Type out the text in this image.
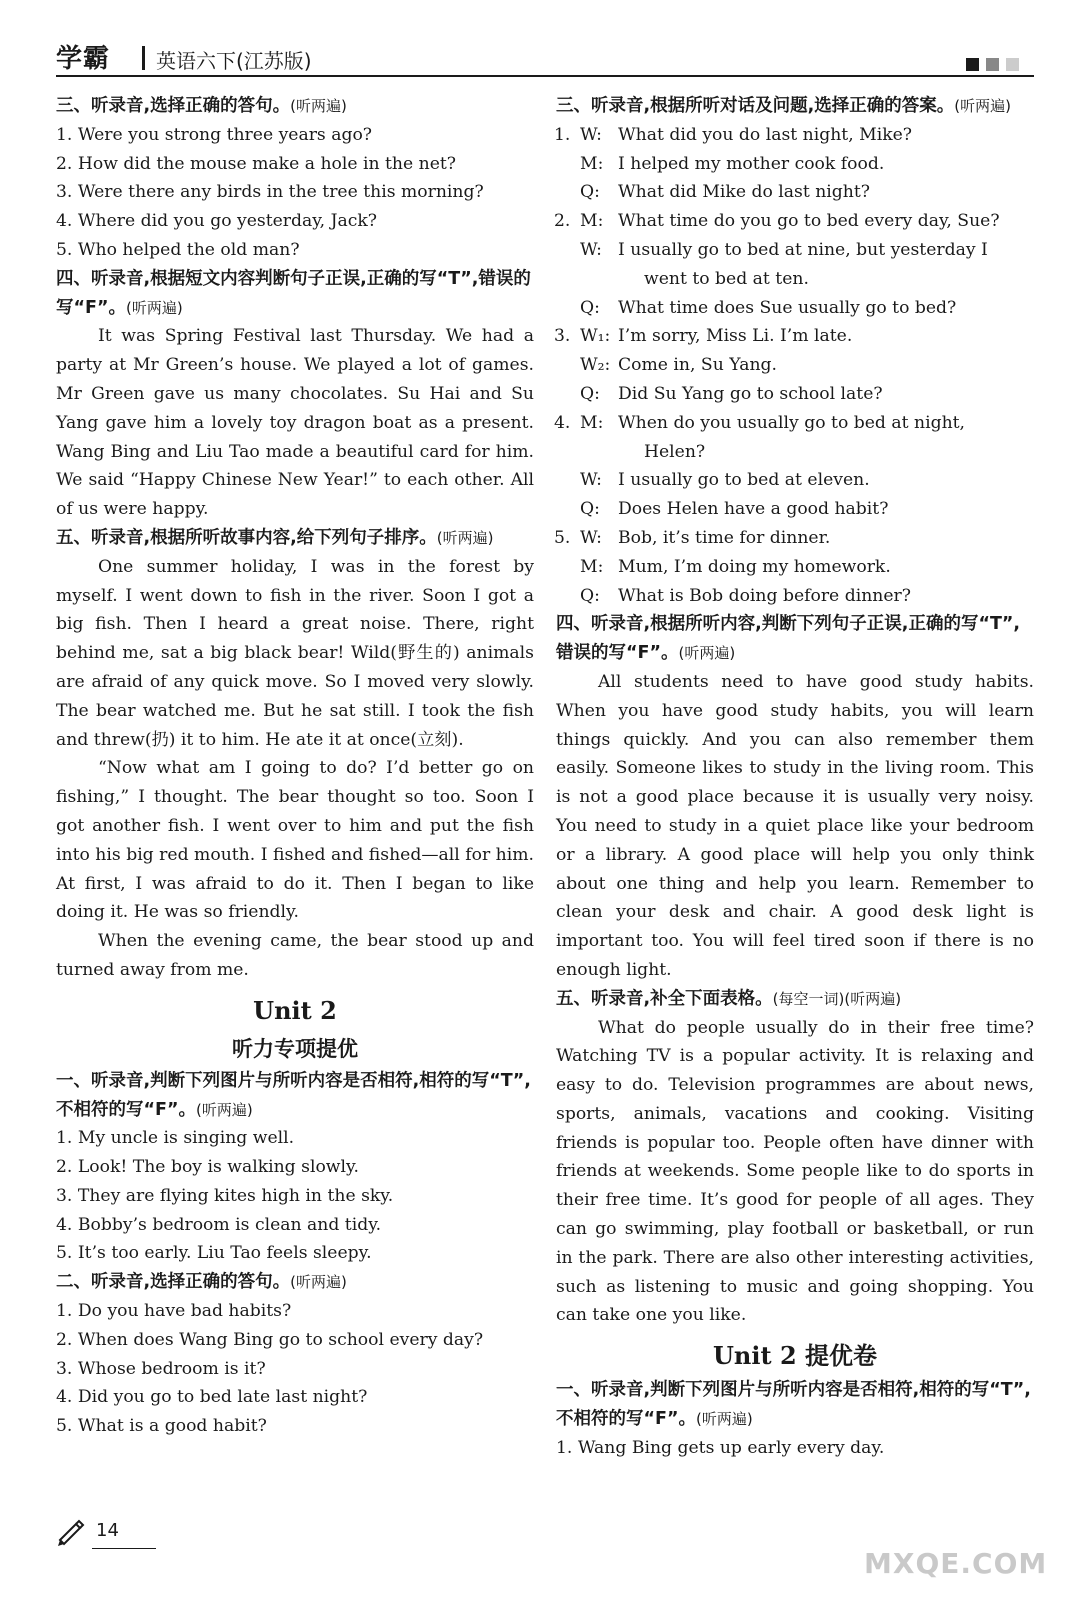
学霸 英语六下(江苏版)
三、听录音,选择正确的答句。(听两遍)
1. Were you strong three years ago?
2. How did the mouse make a hole in the net?
3. Were there any birds in the tree this morning?
4. Where did you go yesterday, Jack?
5. Who helped the old man?
四、听录音,根据短文内容判断句子正误,正确的写“T”,错误的写“F”。(听两遍)
It was Spring Festival last Thursday. We had a party at Mr Green’s house. We played a lot of games. Mr Green gave us many chocolates. Su Hai and Su Yang gave him a lovely toy dragon boat as a present. Wang Bing and Liu Tao made a beautiful card for him. We said “Happy Chinese New Year!” to each other. All of us were happy.
五、听录音,根据所听故事内容,给下列句子排序。(听两遍)
One summer holiday, I was in the forest by myself. I went down to fish in the river. Soon I got a big fish. Then I heard a great noise. There, right behind me, sat a big black bear! Wild(野生的) animals are afraid of any quick move. So I moved very slowly. The bear watched me. But he sat still. I took the fish and threw(扔) it to him. He ate it at once(立刻).
“Now what am I going to do? I’d better go on fishing,” I thought. The bear thought so too. Soon I got another fish. I went over to him and put the fish into his big red mouth. I fished and fished—all for him. At first, I was afraid to do it. Then I began to like doing it. He was so friendly.
When the evening came, the bear stood up and turned away from me.
Unit 2
听力专项提优
一、听录音,判断下列图片与所听内容是否相符,相符的写“T”,不相符的写“F”。(听两遍)
1. My uncle is singing well.
2. Look! The boy is walking slowly.
3. They are flying kites high in the sky.
4. Bobby’s bedroom is clean and tidy.
5. It’s too early. Liu Tao feels sleepy.
二、听录音,选择正确的答句。(听两遍)
1. Do you have bad habits?
2. When does Wang Bing go to school every day?
3. Whose bedroom is it?
4. Did you go to bed late last night?
5. What is a good habit?
三、听录音,根据所听对话及问题,选择正确的答案。(听两遍)
1. W: What did you do last night, Mike?
M: I helped my mother cook food.
Q: What did Mike do last night?
2. M: What time do you go to bed every day, Sue?
W: I usually go to bed at nine, but yesterday I
went to bed at ten.
Q: What time does Sue usually go to bed?
3. W₁: I’m sorry, Miss Li. I’m late.
W₂: Come in, Su Yang.
Q: Did Su Yang go to school late?
4. M: When do you usually go to bed at night,
Helen?
W: I usually go to bed at eleven.
Q: Does Helen have a good habit?
5. W: Bob, it’s time for dinner.
M: Mum, I’m doing my homework.
Q: What is Bob doing before dinner?
四、听录音,根据所听内容,判断下列句子正误,正确的写“T”,错误的写“F”。(听两遍)
All students need to have good study habits. When you have good study habits, you will learn things quickly. And you can also remember them easily. Someone likes to study in the living room. This is not a good place because it is usually very noisy. You need to study in a quiet place like your bedroom or a library. A good place will help you only think about one thing and help you learn. Remember to clean your desk and chair. A good desk light is important too. You will feel tired soon if there is no enough light.
五、听录音,补全下面表格。(每空一词)(听两遍)
What do people usually do in their free time? Watching TV is a popular activity. It is relaxing and easy to do. Television programmes are about news, sports, animals, vacations and cooking. Visiting friends is popular too. People often have dinner with friends at weekends. Some people like to do sports in their free time. It’s good for people of all ages. They can go swimming, play football or basketball, or run in the park. There are also other interesting activities, such as listening to music and going shopping. You can take one you like.
Unit 2 提优卷
一、听录音,判断下列图片与所听内容是否相符,相符的写“T”,不相符的写“F”。(听两遍)
1. Wang Bing gets up early every day.
14
MXQE.COM
